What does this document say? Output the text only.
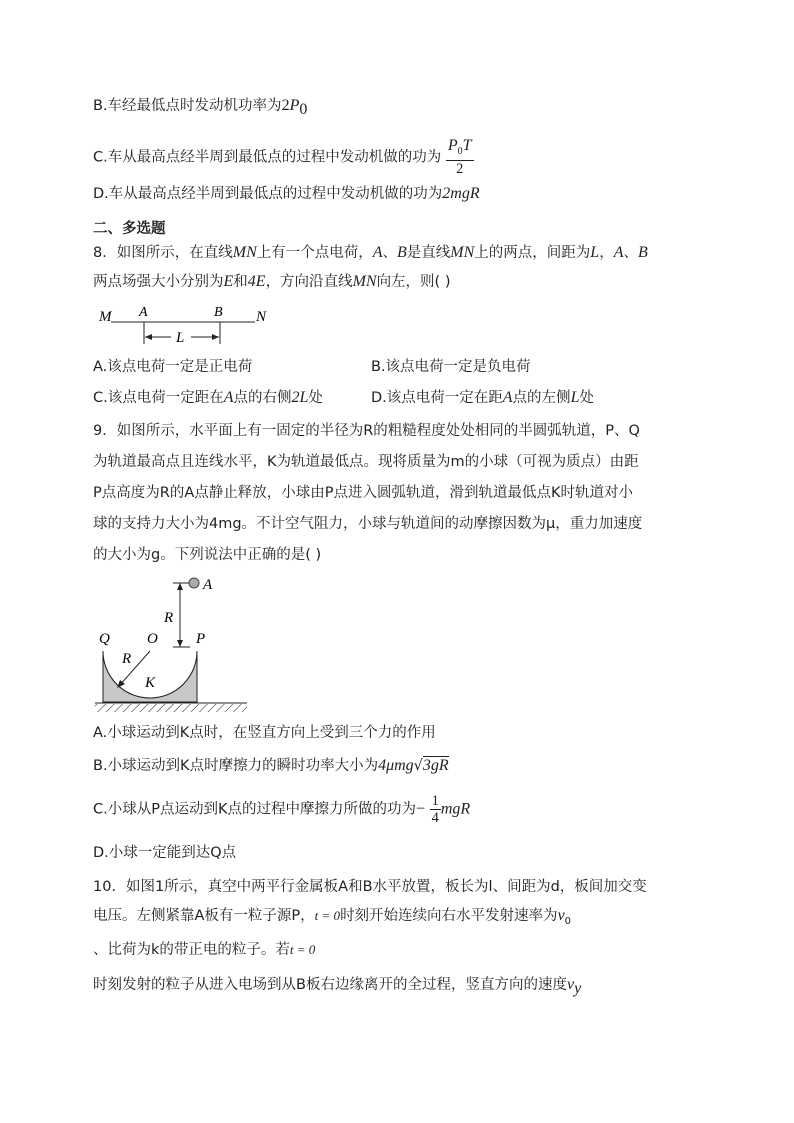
B.车经最低点时发动机功率为$2P_0$
C.车从最高点经半周到最低点的过程中发动机做的功为 $\frac{P_0T}{2}$
D.车从最高点经半周到最低点的过程中发动机做的功为2mgR
二、多选题
8．如图所示，在直线MN上有一个点电荷，A、B是直线MN上的两点，间距为L，A、B
两点场强大小分别为E和4E，方向沿直线MN向左，则( )
M A	B N
L
A.该点电荷一定是正电荷	B.该点电荷一定是负电荷
C.该点电荷一定距在A点的右侧2L处	D.该点电荷一定在距A点的左侧L处
9．如图所示，水平面上有一固定的半径为R的粗糙程度处处相同的半圆弧轨道，P、Q
为轨道最高点且连线水平，K为轨道最低点。现将质量为m的小球（可视为质点）由距
P点高度为R的A点静止释放，小球由P点进入圆弧轨道，滑到轨道最低点K时轨道对小
球的支持力大小为4mg。不计空气阻力，小球与轨道间的动摩擦因数为μ，重力加速度
的大小为g。下列说法中正确的是( )
A
R
Q O	P
R
K
A.小球运动到K点时，在竖直方向上受到三个力的作用
B.小球运动到K点时摩擦力的瞬时功率大小为4μmg√3gR
C.小球从P点运动到K点的过程中摩擦力所做的功为− $\frac{1}{4}$ mgR
D.小球一定能到达Q点
10．如图1所示，真空中两平行金属板A和B水平放置，板长为l、间距为d，板间加交变
电压。左侧紧靠A板有一粒子源P，t = 0时刻开始连续向右水平发射速率为$v_0$
、比荷为k的带正电的粒子。若t = 0
时刻发射的粒子从进入电场到从B板右边缘离开的全过程，竖直方向的速度$v_y$
